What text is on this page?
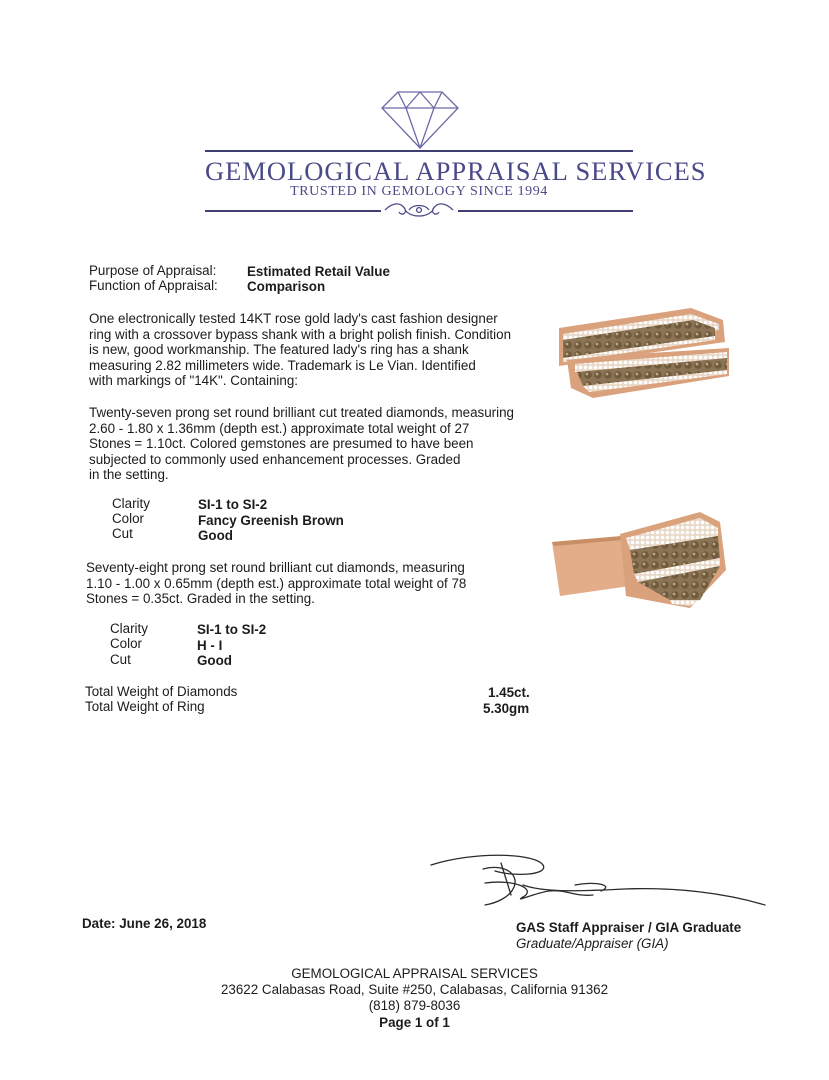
GEMOLOGICAL APPRAISAL SERVICES
TRUSTED IN GEMOLOGY SINCE 1994
Purpose of Appraisal: Estimated Retail Value
Function of Appraisal: Comparison
One electronically tested 14KT rose gold lady's cast fashion designer
ring with a crossover bypass shank with a bright polish finish. Condition
is new, good workmanship. The featured lady's ring has a shank
measuring 2.82 millimeters wide. Trademark is Le Vian. Identified
with markings of "14K". Containing:
Twenty-seven prong set round brilliant cut treated diamonds, measuring
2.60 - 1.80 x 1.36mm (depth est.) approximate total weight of 27
Stones = 1.10ct. Colored gemstones are presumed to have been
subjected to commonly used enhancement processes. Graded
in the setting.
Clarity	SI-1 to SI-2
Color	Fancy Greenish Brown
Cut	Good
Seventy-eight prong set round brilliant cut diamonds, measuring
1.10 - 1.00 x 0.65mm (depth est.) approximate total weight of 78
Stones = 0.35ct. Graded in the setting.
Clarity	SI-1 to SI-2
Color	H - I
Cut	Good
Total Weight of Diamonds	1.45ct.
Total Weight of Ring	5.30gm
Date: June 26, 2018	GAS Staff Appraiser / GIA Graduate
Graduate/Appraiser (GIA)
GEMOLOGICAL APPRAISAL SERVICES
23622 Calabasas Road, Suite #250, Calabasas, California 91362
(818) 879-8036
Page 1 of 1
